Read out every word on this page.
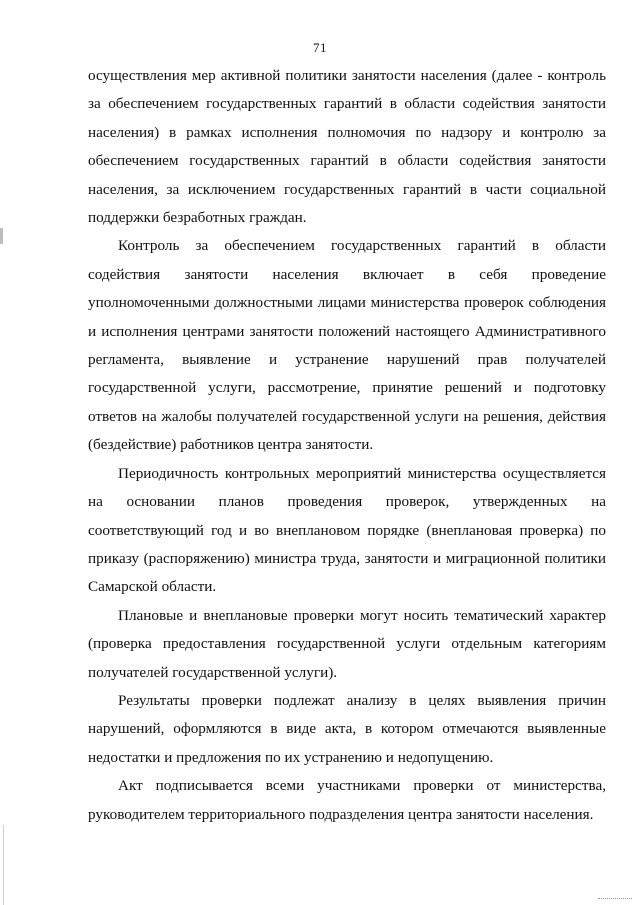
71

осуществления мер активной политики занятости населения (далее - контроль за обеспечением государственных гарантий в области содействия занятости населения) в рамках исполнения полномочия по надзору и контролю за обеспечением государственных гарантий в области содействия занятости населения, за исключением государственных гарантий в части социальной поддержки безработных граждан.

Контроль за обеспечением государственных гарантий в области содействия занятости населения включает в себя проведение уполномоченными должностными лицами министерства проверок соблюдения и исполнения центрами занятости положений настоящего Административного регламента, выявление и устранение нарушений прав получателей государственной услуги, рассмотрение, принятие решений и подготовку ответов на жалобы получателей государственной услуги на решения, действия (бездействие) работников центра занятости.

Периодичность контрольных мероприятий министерства осуществляется на основании планов проведения проверок, утвержденных на соответствующий год и во внеплановом порядке (внеплановая проверка) по приказу (распоряжению) министра труда, занятости и миграционной политики Самарской области.

Плановые и внеплановые проверки могут носить тематический характер (проверка предоставления государственной услуги отдельным категориям получателей государственной услуги).

Результаты проверки подлежат анализу в целях выявления причин нарушений, оформляются в виде акта, в котором отмечаются выявленные недостатки и предложения по их устранению и недопущению.

Акт подписывается всеми участниками проверки от министерства, руководителем территориального подразделения центра занятости населения.
